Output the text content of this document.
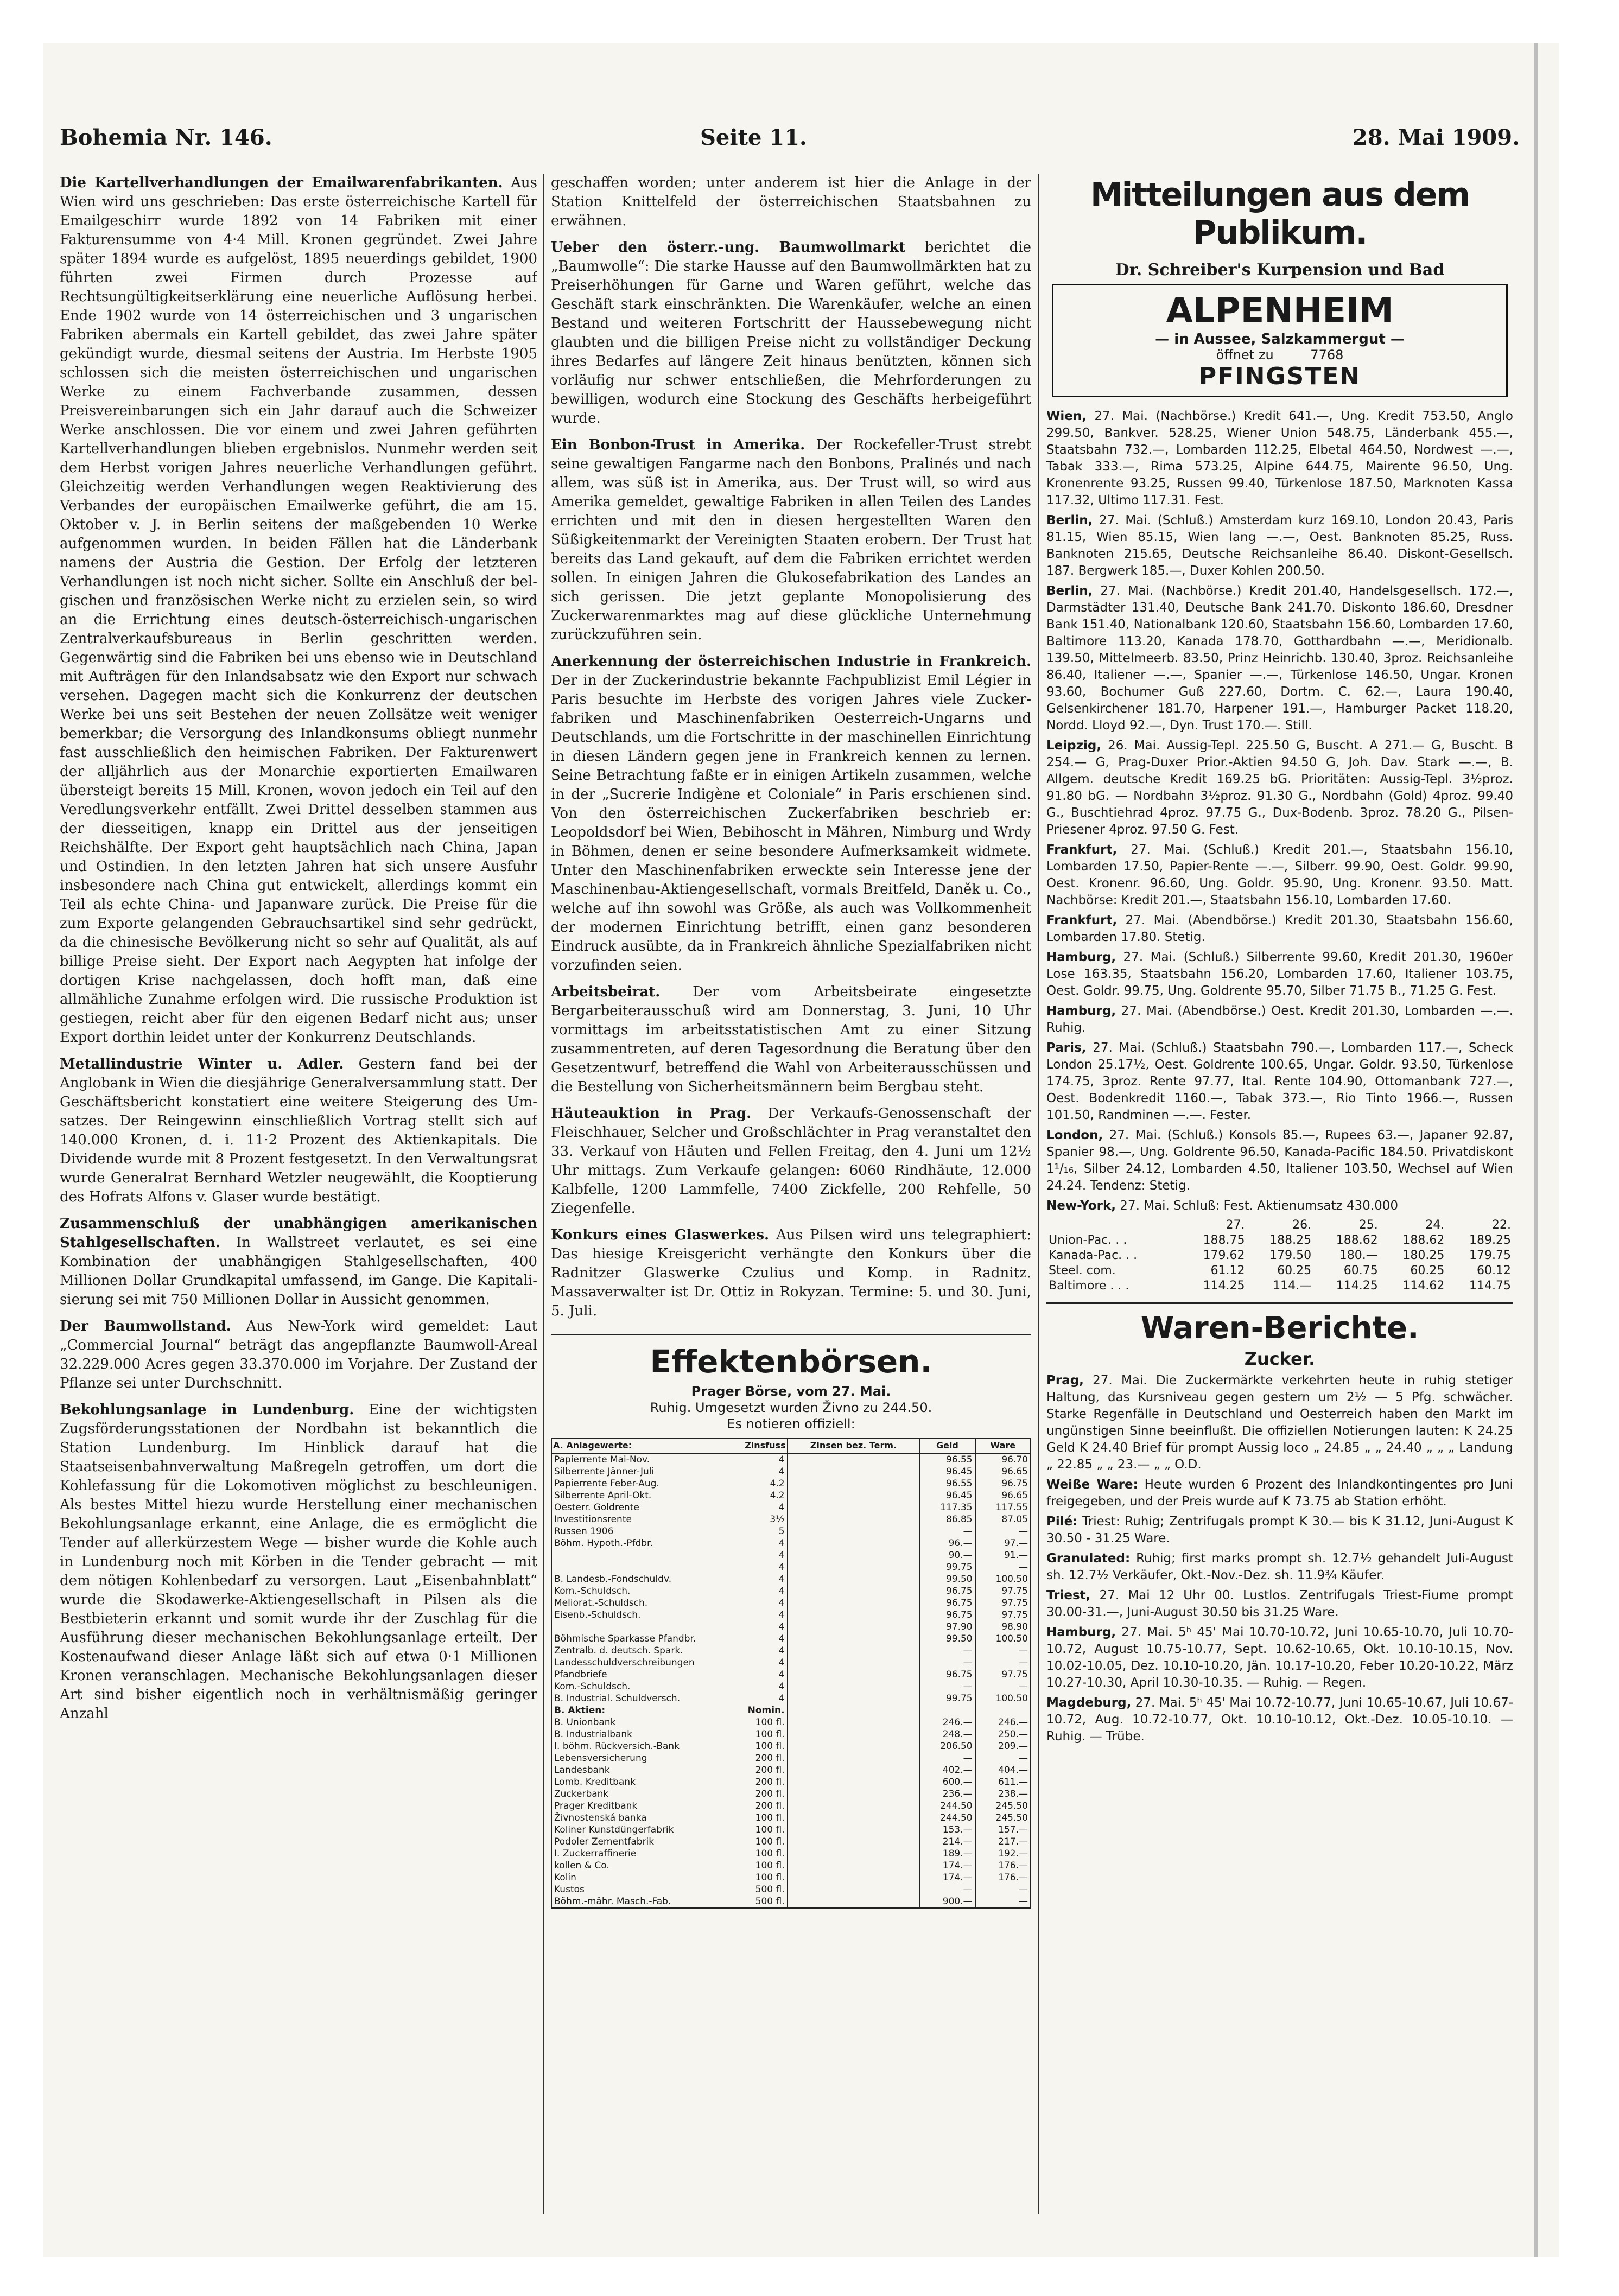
Bohemia Nr. 146.	Seite 11.	28. Mai 1909.

Die Kartellverhandlungen der Emailwarenfabrikanten. Aus Wien wird uns geschrieben: Das erste österreichische Kartell für Emailgeschirr wurde 1892 von 14 Fabriken mit einer Fakturensumme von 4·4 Mill. Kronen gegründet. Zwei Jahre später 1894 wurde es aufgelöst, 1895 neuerdings gebildet, 1900 führten zwei Firmen durch Prozesse auf Rechtsungültigkeitserklärung eine neuerliche Auflösung herbei. Ende 1902 wurde von 14 österreichischen und 3 ungarischen Fabriken abermals ein Kartell gebildet, das zwei Jahre später gekündigt wurde, diesmal seitens der Austria. Im Herbste 1905 schlossen sich die meisten österreichischen und ungarischen Werke zu einem Fachverbande zusammen, dessen Preisvereinbarungen sich ein Jahr darauf auch die Schweizer Werke anschlossen. Die vor einem und zwei Jahren geführten Kartellverhandlungen blieben ergebnislos. Nunmehr werden seit dem Herbst vorigen Jahres neuerliche Verhandlungen geführt. Gleichzeitig werden Verhandlungen wegen Reaktivierung des Verbandes der europäischen Emailwerke geführt, die am 15. Oktober v. J. in Berlin seitens der maßgebenden 10 Werke aufgenommen wurden. In beiden Fällen hat die Länderbank namens der Austria die Gestion. Der Erfolg der letzteren Verhandlungen ist noch nicht sicher. Sollte ein Anschluß der belgischen und französischen Werke nicht zu erzielen sein, so wird an die Errichtung eines deutsch-österreichisch-ungarischen Zentralverkaufsbureaus in Berlin geschritten werden. Gegenwärtig sind die Fabriken bei uns ebenso wie in Deutschland mit Aufträgen für den Inlandsabsatz wie den Export nur schwach versehen. Dagegen macht sich die Konkurrenz der deutschen Werke bei uns seit Bestehen der neuen Zollsätze weit weniger bemerkbar; die Versorgung des Inlandkonsums obliegt nunmehr fast ausschließlich den heimischen Fabriken. Der Fakturenwert der alljährlich aus der Monarchie exportierten Emailwaren übersteigt bereits 15 Mill. Kronen, wovon jedoch ein Teil auf den Veredlungsverkehr entfällt. Zwei Drittel desselben stammen aus der diesseitigen, knapp ein Drittel aus der jenseitigen Reichshälfte. Der Export geht hauptsächlich nach China, Japan und Ostindien. In den letzten Jahren hat sich unsere Ausfuhr insbesondere nach China gut entwickelt, allerdings kommt ein Teil als echte China- und Japanware zurück. Die Preise für die zum Exporte gelangenden Gebrauchsartikel sind sehr gedrückt, da die chinesische Bevölkerung nicht so sehr auf Qualität, als auf billige Preise sieht. Der Export nach Aegypten hat infolge der dortigen Krise nachgelassen, doch hofft man, daß eine allmähliche Zunahme erfolgen wird. Die russische Produktion ist gestiegen, reicht aber für den eigenen Bedarf nicht aus; unser Export dorthin leidet unter der Konkurrenz Deutschlands.

Metallindustrie Winter u. Adler. Gestern fand bei der Anglobank in Wien die diesjährige Generalversammlung statt. Der Geschäftsbericht konstatiert eine weitere Steigerung des Umsatzes. Der Reingewinn einschließlich Vortrag stellt sich auf 140.000 Kronen, d. i. 11·2 Prozent des Aktienkapitals. Die Dividende wurde mit 8 Prozent festgesetzt. In den Verwaltungsrat wurde Generalrat Bernhard Wetzler neugewählt, die Kooptierung des Hofrats Alfons v. Glaser wurde bestätigt.

Zusammenschluß der unabhängigen amerikanischen Stahlgesellschaften. In Wallstreet verlautet, es sei eine Kombination der unabhängigen Stahlgesellschaften, 400 Millionen Dollar Grundkapital umfassend, im Gange. Die Kapitalisierung sei mit 750 Millionen Dollar in Aussicht genommen.

Der Baumwollstand. Aus New-York wird gemeldet: Laut „Commercial Journal“ beträgt das angepflanzte Baumwoll-Areal 32.229.000 Acres gegen 33.370.000 im Vorjahre. Der Zustand der Pflanze sei unter Durchschnitt.

Bekohlungsanlage in Lundenburg. Eine der wichtigsten Zugsförderungsstationen der Nordbahn ist bekanntlich die Station Lundenburg. Im Hinblick darauf hat die Staatseisenbahnverwaltung Maßregeln getroffen, um dort die Kohlefassung für die Lokomotiven möglichst zu beschleunigen. Als bestes Mittel hiezu wurde Herstellung einer mechanischen Bekohlungsanlage erkannt, eine Anlage, die es ermöglicht die Tender auf allerkürzestem Wege — bisher wurde die Kohle auch in Lundenburg noch mit Körben in die Tender gebracht — mit dem nötigen Kohlenbedarf zu versorgen. Laut „Eisenbahnblatt“ wurde die Skodawerke-Aktiengesellschaft in Pilsen als die Bestbieterin erkannt und somit wurde ihr der Zuschlag für die Ausführung dieser mechanischen Bekohlungsanlage erteilt. Der Kostenaufwand dieser Anlage läßt sich auf etwa 0·1 Millionen Kronen veranschlagen. Mechanische Bekohlungsanlagen dieser Art sind bisher eigentlich noch in verhältnismäßig geringer Anzahl

geschaffen worden; unter anderem ist hier die Anlage in der Station Knittelfeld der österreichischen Staatsbahnen zu erwähnen.

Ueber den österr.-ung. Baumwollmarkt berichtet die „Baumwolle“: Die starke Hausse auf den Baumwollmärkten hat zu Preiserhöhungen für Garne und Waren geführt, welche das Geschäft stark einschränkten. Die Warenkäufer, welche an einen Bestand und weiteren Fortschritt der Haussebewegung nicht glaubten und die billigen Preise nicht zu vollständiger Deckung ihres Bedarfes auf längere Zeit hinaus benützten, können sich vorläufig nur schwer entschließen, die Mehrforderungen zu bewilligen, wodurch eine Stockung des Geschäfts herbeigeführt wurde.

Ein Bonbon-Trust in Amerika. Der Rockefeller-Trust strebt seine gewaltigen Fangarme nach den Bonbons, Pralinés und nach allem, was süß ist in Amerika, aus. Der Trust will, so wird aus Amerika gemeldet, gewaltige Fabriken in allen Teilen des Landes errichten und mit den in diesen hergestellten Waren den Süßigkeitenmarkt der Vereinigten Staaten erobern. Der Trust hat bereits das Land gekauft, auf dem die Fabriken errichtet werden sollen. In einigen Jahren die Glukosefabrikation des Landes an sich gerissen. Die jetzt geplante Monopolisierung des Zuckerwarenmarktes mag auf diese glückliche Unternehmung zurückzuführen sein.

Anerkennung der österreichischen Industrie in Frankreich. Der in der Zuckerindustrie bekannte Fachpublizist Emil Légier in Paris besuchte im Herbste des vorigen Jahres viele Zuckerfabriken und Maschinenfabriken Oesterreich-Ungarns und Deutschlands, um die Fortschritte in der maschinellen Einrichtung in diesen Ländern gegen jene in Frankreich kennen zu lernen. Seine Betrachtung faßte er in einigen Artikeln zusammen, welche in der „Sucrerie Indigène et Coloniale“ in Paris erschienen sind. Von den österreichischen Zuckerfabriken beschrieb er: Leopoldsdorf bei Wien, Bebihoscht in Mähren, Nimburg und Wrdy in Böhmen, denen er seine besondere Aufmerksamkeit widmete. Unter den Maschinenfabriken erweckte sein Interesse jene der Maschinenbau-Aktiengesellschaft, vormals Breitfeld, Daněk u. Co., welche auf ihn sowohl was Größe, als auch was Vollkommenheit der modernen Einrichtung betrifft, einen ganz besonderen Eindruck ausübte, da in Frankreich ähnliche Spezialfabriken nicht vorzufinden seien.

Arbeitsbeirat. Der vom Arbeitsbeirate eingesetzte Bergarbeiterausschuß wird am Donnerstag, 3. Juni, 10 Uhr vormittags im arbeitsstatistischen Amt zu einer Sitzung zusammentreten, auf deren Tagesordnung die Beratung über den Gesetzentwurf, betreffend die Wahl von Arbeiterausschüssen und die Bestellung von Sicherheitsmännern beim Bergbau steht.

Häuteauktion in Prag. Der Verkaufs-Genossenschaft der Fleischhauer, Selcher und Großschlächter in Prag veranstaltet den 33. Verkauf von Häuten und Fellen Freitag, den 4. Juni um 12½ Uhr mittags. Zum Verkaufe gelangen: 6060 Rindhäute, 12.000 Kalbfelle, 1200 Lammfelle, 7400 Zickfelle, 200 Rehfelle, 50 Ziegenfelle.

Konkurs eines Glaswerkes. Aus Pilsen wird uns telegraphiert: Das hiesige Kreisgericht verhängte den Konkurs über die Radnitzer Glaswerke Czulius und Komp. in Radnitz. Massaverwalter ist Dr. Ottiz in Rokyzan. Termine: 5. und 30. Juni, 5. Juli.

Effektenbörsen.
Prager Börse, vom 27. Mai.
Ruhig. Umgesetzt wurden Živno zu 244.50.
Es notieren offiziell:
A. Anlagewerte: Zinsfuss	Zinsen bez. Term.	Geld	Ware
Papierrente Mai-Nov. 4		96.55	96.70
Silberrente Jänner-Juli 4		96.45	96.65
Papierrente Feber-Aug. 4.2		96.55	96.75
Silberrente April-Okt. 4.2		96.45	96.65
Oesterr. Goldrente 4		117.35	117.55
Investitionsrente 3½		86.85	87.05
Russen 1906 5		—	—
Böhm. Hypoth.-Pfdbr. 4		96.—	97.—

4		90.—	91.—

4		99.75	—
B. Landesb.-Fondschuldv. 4		99.50	100.50
Kom.-Schuldsch. 4		96.75	97.75
Meliorat.-Schuldsch. 4		96.75	97.75
Eisenb.-Schuldsch. 4		96.75	97.75

4		97.90	98.90
Böhmische Sparkasse Pfandbr. 4		99.50	100.50
Zentralb. d. deutsch. Spark. 4		—	—
Landesschuldverschreibungen 4		—	—
Pfandbriefe 4		96.75	97.75
Kom.-Schuldsch. 4		—	—
B. Industrial. Schuldversch. 4		99.75	100.50
B. Aktien: Nomin.			

B. Unionbank 100 fl.		246.—	246.—
B. Industrialbank 100 fl.		248.—	250.—
I. böhm. Rückversich.-Bank 100 fl.		206.50	209.—
Lebensversicherung 200 fl.		—	—
Landesbank 200 fl.		402.—	404.—
Lomb. Kreditbank 200 fl.		600.—	611.—
Zuckerbank 200 fl.		236.—	238.—
Prager Kreditbank 200 fl.		244.50	245.50
Živnostenská banka 100 fl.		244.50	245.50
Koliner Kunstdüngerfabrik 100 fl.		153.—	157.—
Podoler Zementfabrik 100 fl.		214.—	217.—
I. Zuckerraffinerie 100 fl.		189.—	192.—
kollen & Co. 100 fl.		174.—	176.—
Kolín 100 fl.		174.—	176.—
Kustos 500 fl.		—	—
Böhm.-mähr. Masch.-Fab. 500 fl.		900.—	—
Mitteilungen aus dem Publikum.
Dr. Schreiber's Kurpension und Bad
ALPENHEIM
— in Aussee, Salzkammergut —
öffnet zu	7768
PFINGSTEN

Wien, 27. Mai. (Nachbörse.) Kredit 641.—, Ung. Kredit 753.50, Anglo 299.50, Bankver. 528.25, Wiener Union 548.75, Länderbank 455.—, Staatsbahn 732.—, Lombarden 112.25, Elbetal 464.50, Nordwest —.—, Tabak 333.—, Rima 573.25, Alpine 644.75, Mairente 96.50, Ung. Kronenrente 93.25, Russen 99.40, Türkenlose 187.50, Marknoten Kassa 117.32, Ultimo 117.31. Fest.

Berlin, 27. Mai. (Schluß.) Amsterdam kurz 169.10, London 20.43, Paris 81.15, Wien 85.15, Wien lang —.—, Oest. Banknoten 85.25, Russ. Banknoten 215.65, Deutsche Reichsanleihe 86.40. Diskont-Gesellsch. 187. Bergwerk 185.—, Duxer Kohlen 200.50.

Berlin, 27. Mai. (Nachbörse.) Kredit 201.40, Handelsgesellsch. 172.—, Darmstädter 131.40, Deutsche Bank 241.70. Diskonto 186.60, Dresdner Bank 151.40, Nationalbank 120.60, Staatsbahn 156.60, Lombarden 17.60, Baltimore 113.20, Kanada 178.70, Gotthardbahn —.—, Meridionalb. 139.50, Mittelmeerb. 83.50, Prinz Heinrichb. 130.40, 3proz. Reichsanleihe 86.40, Italiener —.—, Spanier —.—, Türkenlose 146.50, Ungar. Kronen 93.60, Bochumer Guß 227.60, Dortm. C. 62.—, Laura 190.40, Gelsenkirchener 181.70, Harpener 191.—, Hamburger Packet 118.20, Nordd. Lloyd 92.—, Dyn. Trust 170.—. Still.

Leipzig, 26. Mai. Aussig-Tepl. 225.50 G, Buscht. A 271.— G, Buscht. B 254.— G, Prag-Duxer Prior.-Aktien 94.50 G, Joh. Dav. Stark —.—, B. Allgem. deutsche Kredit 169.25 bG. Prioritäten: Aussig-Tepl. 3½proz. 91.80 bG. — Nordbahn 3½proz. 91.30 G., Nordbahn (Gold) 4proz. 99.40 G., Buschtiehrad 4proz. 97.75 G., Dux-Bodenb. 3proz. 78.20 G., Pilsen-Priesener 4proz. 97.50 G. Fest.

Frankfurt, 27. Mai. (Schluß.) Kredit 201.—, Staatsbahn 156.10, Lombarden 17.50, Papier-Rente —.—, Silberr. 99.90, Oest. Goldr. 99.90, Oest. Kronenr. 96.60, Ung. Goldr. 95.90, Ung. Kronenr. 93.50. Matt. Nachbörse: Kredit 201.—, Staatsbahn 156.10, Lombarden 17.60.

Frankfurt, 27. Mai. (Abendbörse.) Kredit 201.30, Staatsbahn 156.60, Lombarden 17.80. Stetig.

Hamburg, 27. Mai. (Schluß.) Silberrente 99.60, Kredit 201.30, 1960er Lose 163.35, Staatsbahn 156.20, Lombarden 17.60, Italiener 103.75, Oest. Goldr. 99.75, Ung. Goldrente 95.70, Silber 71.75 B., 71.25 G. Fest.

Hamburg, 27. Mai. (Abendbörse.) Oest. Kredit 201.30, Lombarden —.—. Ruhig.

Paris, 27. Mai. (Schluß.) Staatsbahn 790.—, Lombarden 117.—, Scheck London 25.17½, Oest. Goldrente 100.65, Ungar. Goldr. 93.50, Türkenlose 174.75, 3proz. Rente 97.77, Ital. Rente 104.90, Ottomanbank 727.—, Oest. Bodenkredit 1160.—, Tabak 373.—, Rio Tinto 1966.—, Russen 101.50, Randminen —.—. Fester.

London, 27. Mai. (Schluß.) Konsols 85.—, Rupees 63.—, Japaner 92.87, Spanier 98.—, Ung. Goldrente 96.50, Kanada-Pacific 184.50. Privatdiskont 1¹/₁₆, Silber 24.12, Lombarden 4.50, Italiener 103.50, Wechsel auf Wien 24.24. Tendenz: Stetig.

New-York, 27. Mai. Schluß: Fest. Aktienumsatz 430.000

	27.	26.	25.	24.	22.
Union-Pac. . .	188.75	188.25	188.62	188.62	189.25
Kanada-Pac. . .	179.62	179.50	180.—	180.25	179.75
Steel. com.	61.12	60.25	60.75	60.25	60.12
Baltimore . . .	114.25	114.—	114.25	114.62	114.75
Waren-Berichte.
Zucker.

Prag, 27. Mai. Die Zuckermärkte verkehrten heute in ruhig stetiger Haltung, das Kursniveau gegen gestern um 2½ — 5 Pfg. schwächer. Starke Regenfälle in Deutschland und Oesterreich haben den Markt im ungünstigen Sinne beeinflußt. Die offiziellen Notierungen lauten: K 24.25 Geld K 24.40 Brief für prompt Aussig loco „ 24.85 „ „ 24.40 „ „ „ Landung „ 22.85 „ „ 23.— „ „ O.D.

Weiße Ware: Heute wurden 6 Prozent des Inlandkontingentes pro Juni freigegeben, und der Preis wurde auf K 73.75 ab Station erhöht.

Pilé: Triest: Ruhig; Zentrifugals prompt K 30.— bis K 31.12, Juni-August K 30.50 - 31.25 Ware.

Granulated: Ruhig; first marks prompt sh. 12.7½ gehandelt Juli-August sh. 12.7½ Verkäufer, Okt.-Nov.-Dez. sh. 11.9¾ Käufer.

Triest, 27. Mai 12 Uhr 00. Lustlos. Zentrifugals Triest-Fiume prompt 30.00-31.—, Juni-August 30.50 bis 31.25 Ware.

Hamburg, 27. Mai. 5ʰ 45' Mai 10.70-10.72, Juni 10.65-10.70, Juli 10.70-10.72, August 10.75-10.77, Sept. 10.62-10.65, Okt. 10.10-10.15, Nov. 10.02-10.05, Dez. 10.10-10.20, Jän. 10.17-10.20, Feber 10.20-10.22, März 10.27-10.30, April 10.30-10.35. — Ruhig. — Regen.

Magdeburg, 27. Mai. 5ʰ 45' Mai 10.72-10.77, Juni 10.65-10.67, Juli 10.67-10.72, Aug. 10.72-10.77, Okt. 10.10-10.12, Okt.-Dez. 10.05-10.10. — Ruhig. — Trübe.
